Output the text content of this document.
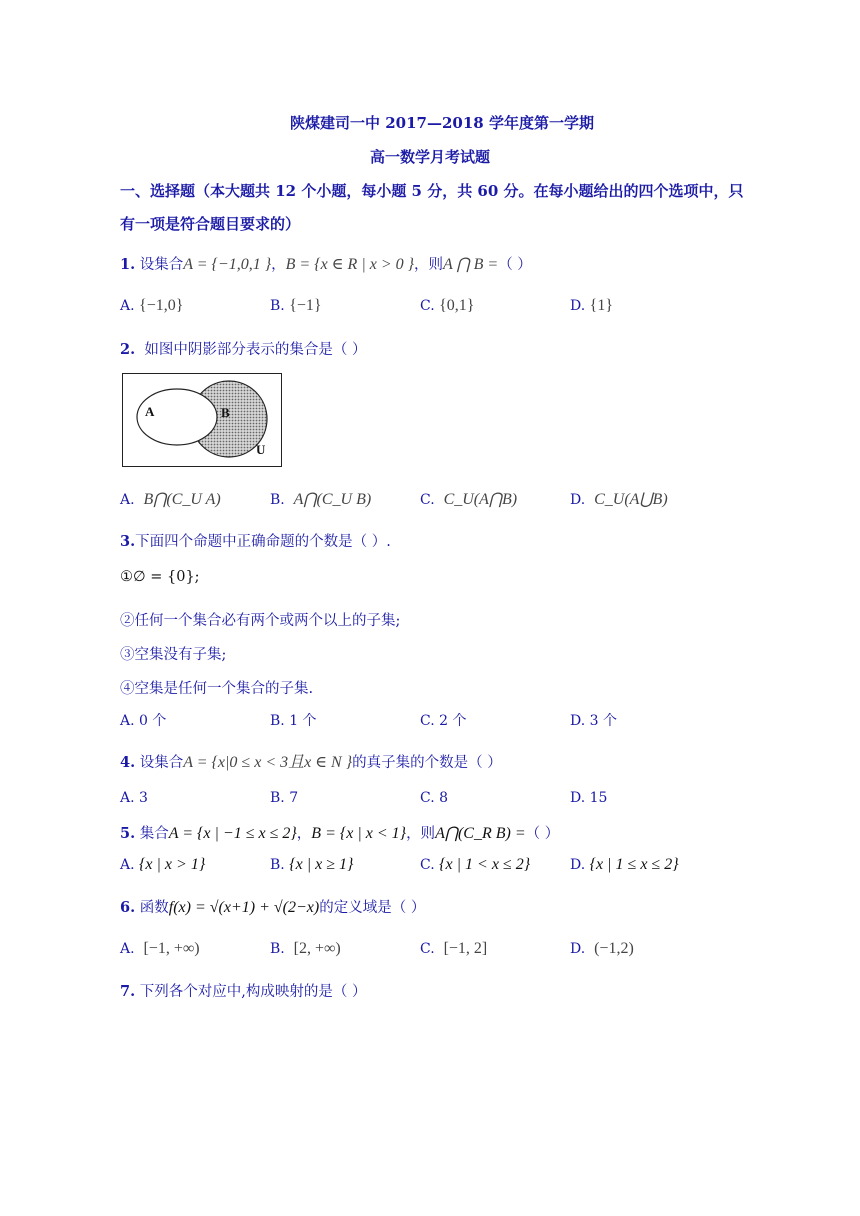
陕煤建司一中 2017—2018 学年度第一学期
高一数学月考试题
一、选择题（本大题共 12 个小题，每小题 5 分，共 60 分。在每小题给出的四个选项中，只
有一项是符合题目要求的）
1. 设集合A = {−1,0,1 }，B = {x ∈ R | x > 0 }，则A ⋂ B =（ ）
A. {−1,0}	B. {−1}	C. {0,1}	D. {1}
2. 如图中阴影部分表示的集合是（ ）
A	B
U
A. B⋂(C_U A)	B. A⋂(C_U B)	C. C_U(A⋂B)	D. C_U(A⋃B)
3.下面四个命题中正确命题的个数是（ ）.
①∅ = {0};
②任何一个集合必有两个或两个以上的子集;
③空集没有子集;
④空集是任何一个集合的子集.
A. 0 个	B. 1 个	C. 2 个	D. 3 个
4. 设集合A = {x|0 ≤ x < 3且x ∈ N }的真子集的个数是（ ）
A. 3	B. 7	C. 8	D. 15
5. 集合A = {x | −1 ≤ x ≤ 2}，B = {x | x < 1}，则A⋂(C_R B) =（ ）
A. {x | x > 1}	B. {x | x ≥ 1}	C. {x | 1 < x ≤ 2}	D. {x | 1 ≤ x ≤ 2}
6. 函数f(x) = √(x+1) + √(2−x)的定义域是（ ）
A. [−1, +∞)	B. [2, +∞)	C. [−1, 2]	D. (−1,2)
7. 下列各个对应中,构成映射的是（ ）
